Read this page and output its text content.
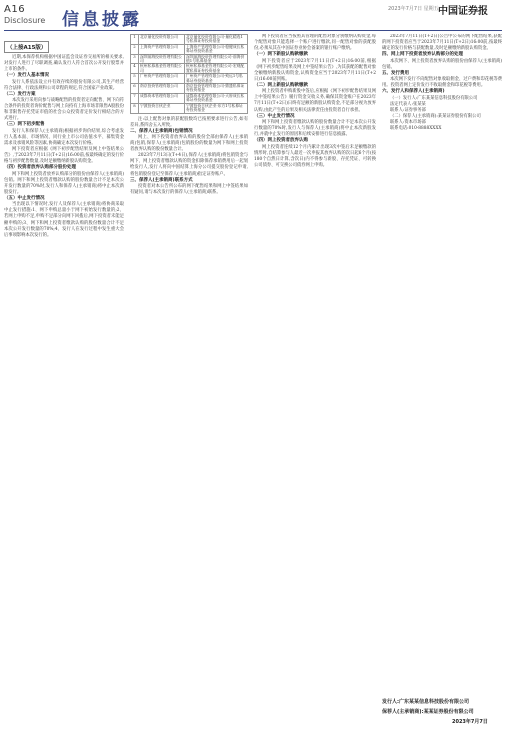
A16
Disclosure 信息披露
2023年7月7日 星期五 中国证券报
（上接A15版）

近期,本保荐机构根据中国证监会及证券交易所的相关要求,对发行人进行了尽职调查,确认发行人符合首次公开发行股票并上市的条件。

（一）发行人基本情况

发行人系依法设立并有效存续的股份有限公司,其生产经营符合法律、行政法规和公司章程的规定,符合国家产业政策。

（二）发行方案

本次发行采用向参与战略配售的投资者定向配售、网下向符合条件的投资者询价配售与网上向持有上海市场非限售A股股份和非限售存托凭证市值的社会公众投资者定价发行相结合的方式进行。

（三）网下初步配售

发行人和保荐人(主承销商)根据初步询价结果,综合考虑发行人基本面、市场情况、同行业上市公司估值水平、募集资金需求及承销风险等因素,协商确定本次发行价格。

网下投资者应根据《网下初步配售结果及网上中签结果公告》,于2023年7月11日(T+2日)16:00前,按最终确定的发行价格与初步配售数量,及时足额缴纳新股认购资金。

（四）投资者放弃认购部分股份处理

网下和网上投资者放弃认购部分的股份由保荐人(主承销商)包销。网下和网上投资者缴款认购的股份数量合计不足本次公开发行数量的70%时,发行人和保荐人(主承销商)将中止本次新股发行。

（五）中止发行情况

当出现以下情况时,发行人及保荐人(主承销商)将协商采取中止发行措施:1、网下申购总量小于网下初始发行数量的;2、若网上申购不足,申购不足部分向网下回拨后,网下投资者未能足额申购的;3、网下和网上投资者缴款认购的股份数量合计不足本次公开发行数量的70%;4、发行人在发行过程中发生重大会后事项影响本次发行的。

1	北京量化投资有限公司	北京量化投资有限公司-量化精选1号私募证券投资基金
2	上海资产管理有限公司	上海资产管理有限公司-稳健成长私募证券投资基金
3	深圳前海投资管理有限公司	深圳前海投资管理有限公司-前海价值1号私募基金
4	杭州私募基金管理有限公司	杭州私募基金管理有限公司-宏观配置私募证券投资基金
5	广州资产管理有限公司	广州资产管理有限公司-致远1号私募证券投资基金
6	南京投资管理有限公司	南京投资管理有限公司-鼎盛私募证券投资基金
7	成都资本管理有限公司	成都资本管理有限公司-天府成长私募证券投资基金
8	宁波投资合伙企业	宁波投资合伙企业-东方1号私募证券投资基金

注:以上配售对象的获配股数均已按照要求进行公告,如有差异,系四舍五入所致。

二、保荐人(主承销商)包销情况

网上、网下投资者放弃认购的股份全部由保荐人(主承销商)包销,保荐人(主承销商)包销股份的数量为网下和网上投资者放弃认购的股份数量合计。

2023年7月13日(T+4日),保荐人(主承销商)将包销资金与网下、网上投资者缴款认购的资金扣除保荐承销费用后一起划给发行人,发行人将向中国结算上海分公司提交股份登记申请,将包销股份登记至保荐人(主承销商)指定证券账户。

三、保荐人(主承销商)联系方式

投资者对本公告所公布的网下配售结果和网上中签结果如有疑问,请与本次发行的保荐人(主承销商)联系。

网下投资者应当按照其管理的配售对象分别缴纳认购资金,每个配售对象只能选择一个账户进行缴款,同一配售对象的获配股份,必须从其在中国证券业协会备案的银行账户缴纳。

（一）网下新股认购款缴款

网下投资者应于2023年7月11日(T+2日)16:00前,根据《网下初步配售结果及网上中签结果公告》,为其获配的配售对象全额缴纳新股认购资金,认购资金应当于2023年7月11日(T+2日)16:00前到账。

（二）网上新股认购款缴款

网上投资者申购新股中签后,应根据《网下初步配售结果及网上中签结果公告》履行资金交收义务,确保其资金账户在2023年7月11日(T+2日)日终有足额的新股认购资金,不足部分视为放弃认购,由此产生的后果及相关法律责任由投资者自行承担。

（三）中止发行情况

网下和网上投资者缴款认购的股份数量合计不足本次公开发行数量的70%时,发行人与保荐人(主承销商)将中止本次新股发行,并就中止发行的原因和后续安排进行信息披露。

（四）网上投资者放弃认购

网上投资者连续12个月内累计出现3次中签后未足额缴款的情形时,自结算参与人最近一次申报其放弃认购的次日起6个月(按180个自然日计算,含次日)内不得参与新股、存托凭证、可转换公司债券、可交换公司债券网上申购。

2023年7月11日(T+2日)公告中公布的网下配售结果,获配的网下投资者应当于2023年7月11日(T+2日)16:00前,按最终确定的发行价格与获配数量,及时足额缴纳新股认购资金。

四、网上网下投资者放弃认购部分的处理

本次网下、网上投资者放弃认购的股份由保荐人(主承销商)包销。

五、发行费用

本次网下发行不向配售对象收取佣金、过户费和印花税等费用。投资者网上定价发行不收取佣金和印花税等费用。

六、发行人和保荐人(主承销商)

（一）发行人:广东某某信息科技股份有限公司

法定代表人:张某某

联系人:证券事务部

（二）保荐人(主承销商):某某证券股份有限公司

联系人:资本市场部

联系电话:010-8888XXXX

发行人:广东某某信息科技股份有限公司
保荐人(主承销商):某某证券股份有限公司
2023年7月7日
